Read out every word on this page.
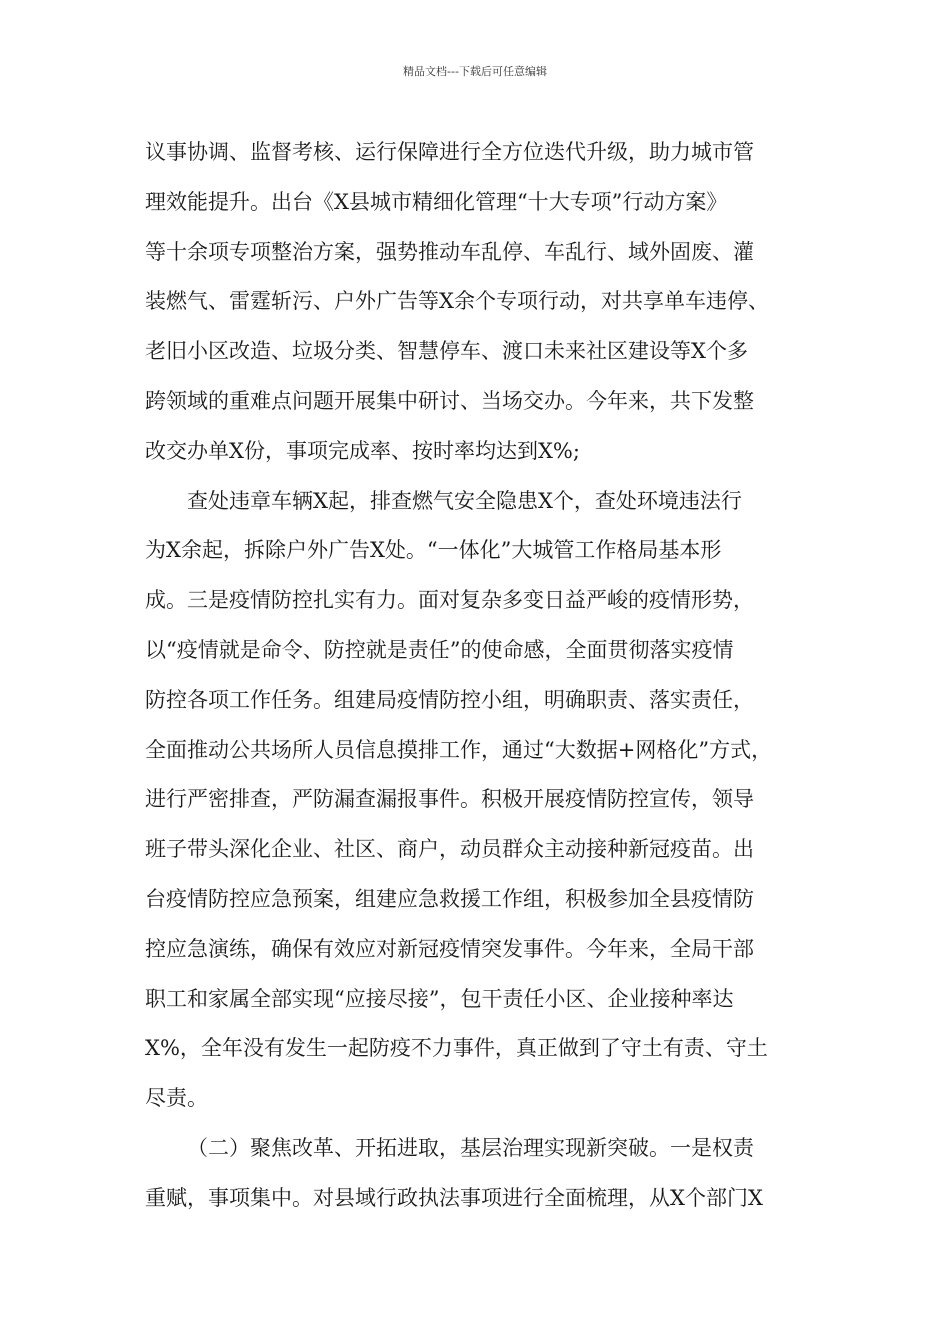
精品文档---下载后可任意编辑
议事协调、监督考核、运行保障进行全方位迭代升级，助力城市管
理效能提升。出台《X县城市精细化管理“十大专项”行动方案》
等十余项专项整治方案，强势推动车乱停、车乱行、域外固废、灌
装燃气、雷霆斩污、户外广告等X余个专项行动，对共享单车违停、
老旧小区改造、垃圾分类、智慧停车、渡口未来社区建设等X个多
跨领域的重难点问题开展集中研讨、当场交办。今年来，共下发整
改交办单X份，事项完成率、按时率均达到X%;
查处违章车辆X起，排查燃气安全隐患X个，查处环境违法行
为X余起，拆除户外广告X处。“一体化”大城管工作格局基本形
成。三是疫情防控扎实有力。面对复杂多变日益严峻的疫情形势，
以“疫情就是命令、防控就是责任”的使命感，全面贯彻落实疫情
防控各项工作任务。组建局疫情防控小组，明确职责、落实责任，
全面推动公共场所人员信息摸排工作，通过“大数据+网格化”方式，
进行严密排查，严防漏查漏报事件。积极开展疫情防控宣传，领导
班子带头深化企业、社区、商户，动员群众主动接种新冠疫苗。出
台疫情防控应急预案，组建应急救援工作组，积极参加全县疫情防
控应急演练，确保有效应对新冠疫情突发事件。今年来，全局干部
职工和家属全部实现“应接尽接”，包干责任小区、企业接种率达
X%，全年没有发生一起防疫不力事件，真正做到了守土有责、守土
尽责。
（二）聚焦改革、开拓进取，基层治理实现新突破。一是权责
重赋，事项集中。对县域行政执法事项进行全面梳理，从X个部门X
